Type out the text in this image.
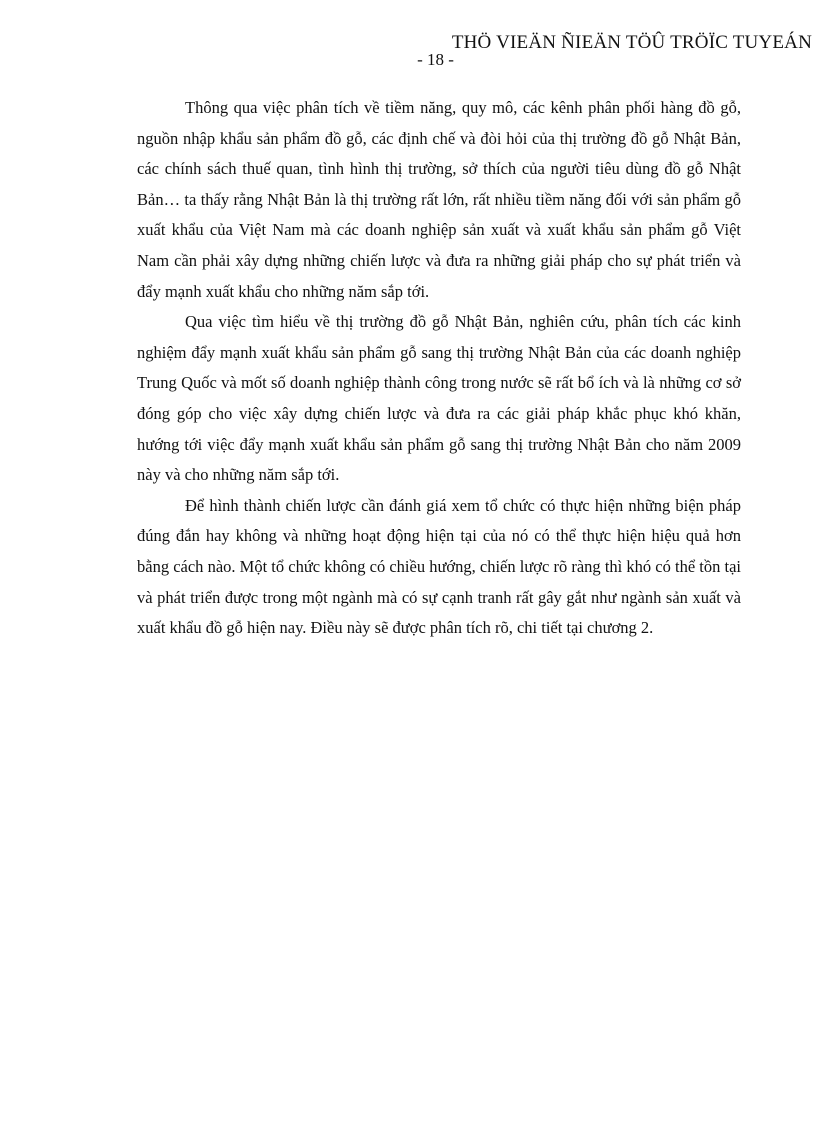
THÖ VIEÄN ÑIEÄN TÖÛ TRÖÏC TUYEÁN
- 18 -

Thông qua việc phân tích về tiềm năng, quy mô, các kênh phân phối hàng đồ gỗ, nguồn nhập khẩu sản phẩm đồ gỗ, các định chế và đòi hỏi của thị trường đồ gỗ Nhật Bản, các chính sách thuế quan, tình hình thị trường, sở thích của người tiêu dùng đồ gỗ Nhật Bản… ta thấy rằng Nhật Bản là thị trường rất lớn, rất nhiều tiềm năng đối với sản phẩm gỗ xuất khẩu của Việt Nam mà các doanh nghiệp sản xuất và xuất khẩu sản phẩm gỗ Việt Nam cần phải xây dựng những chiến lược và đưa ra những giải pháp cho sự phát triển và đẩy mạnh xuất khẩu cho những năm sắp tới.

Qua việc tìm hiểu về thị trường đồ gỗ Nhật Bản, nghiên cứu, phân tích các kinh nghiệm đẩy mạnh xuất khẩu sản phẩm gỗ sang thị trường Nhật Bản của các doanh nghiệp Trung Quốc và mốt số doanh nghiệp thành công trong nước sẽ rất bổ ích và là những cơ sở đóng góp cho việc xây dựng chiến lược và đưa ra các giải pháp khắc phục khó khăn, hướng tới việc đẩy mạnh xuất khẩu sản phẩm gỗ sang thị trường Nhật Bản cho năm 2009 này và cho những năm sắp tới.

Để hình thành chiến lược cần đánh giá xem tổ chức có thực hiện những biện pháp đúng đắn hay không và những hoạt động hiện tại của nó có thể thực hiện hiệu quả hơn bằng cách nào. Một tổ chức không có chiều hướng, chiến lược rõ ràng thì khó có thể tồn tại và phát triển được trong một ngành mà có sự cạnh tranh rất gây gắt như ngành sản xuất và xuất khẩu đồ gỗ hiện nay. Điều này sẽ được phân tích rõ, chi tiết tại chương 2.
